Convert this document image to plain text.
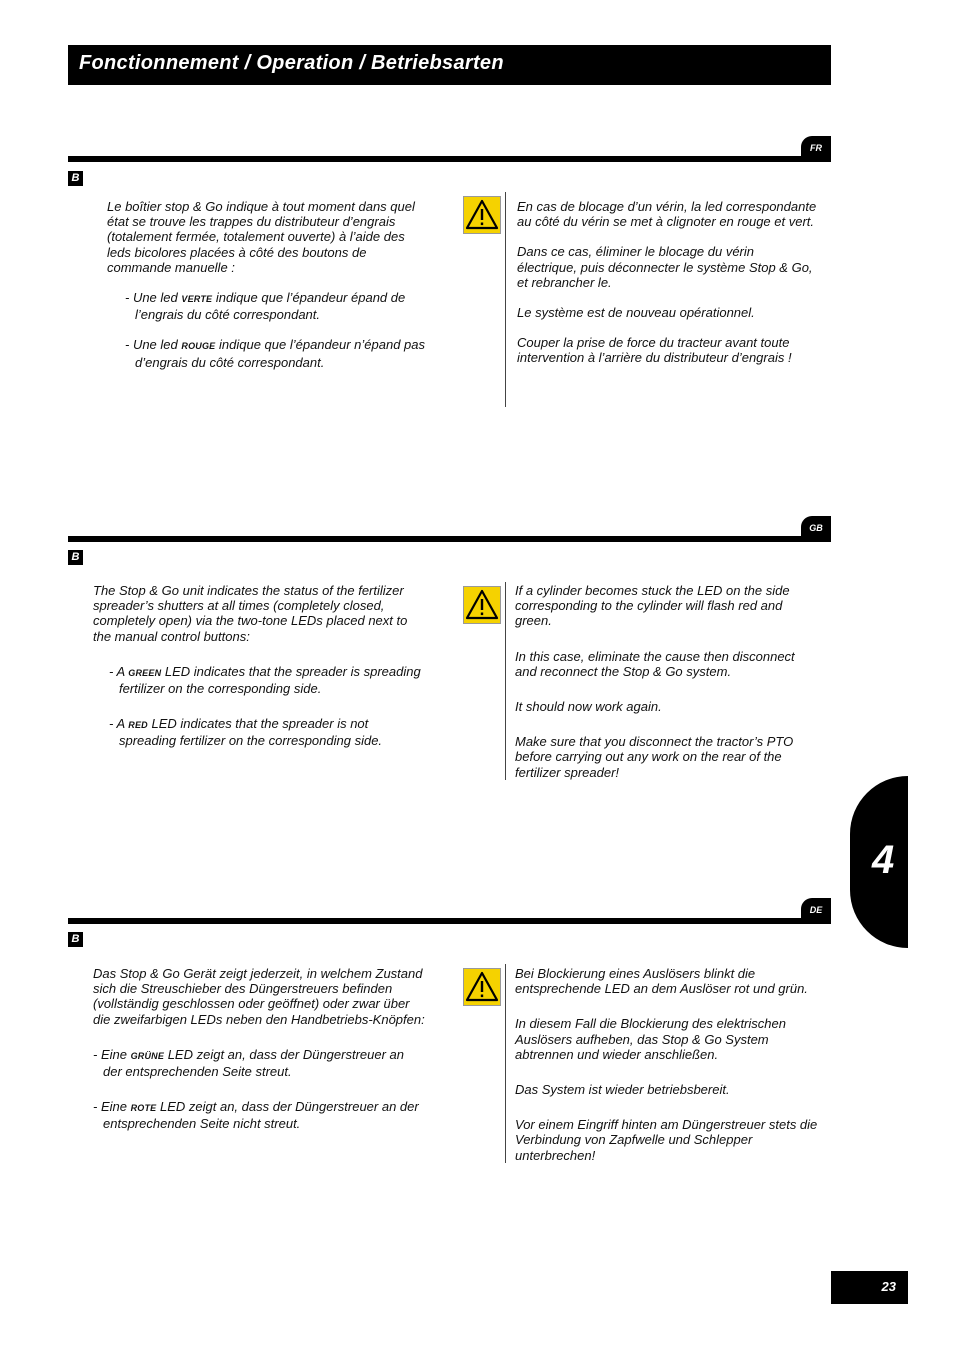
Fonctionnement / Operation / Betriebsarten
FR
B

Le boîtier stop & Go indique à tout moment dans quel état se trouve les trappes du distributeur d’engrais (totalement fermée, totalement ouverte) à l’aide des leds bicolores placées à côté des boutons de commande manuelle :

- Une led VERTE indique que l’épandeur épand de l’engrais du côté correspondant.

- Une led ROUGE indique que l’épandeur n’épand pas d’engrais du côté correspondant.

En cas de blocage d’un vérin, la led correspondante au côté du vérin se met à clignoter en rouge et vert.

Dans ce cas, éliminer le blocage du vérin électrique, puis déconnecter le système Stop & Go, et rebrancher le.

Le système est de nouveau opérationnel.

Couper la prise de force du tracteur avant toute intervention à l’arrière du distributeur d’engrais !

GB
B

The Stop & Go unit indicates the status of the fertilizer spreader’s shutters at all times (completely closed, completely open) via the two-tone LEDs placed next to the manual control buttons:

- A GREEN LED indicates that the spreader is spreading fertilizer on the corresponding side.

- A RED LED indicates that the spreader is not spreading fertilizer on the corresponding side.

If a cylinder becomes stuck the LED on the side corresponding to the cylinder will flash red and green.

In this case, eliminate the cause then disconnect and reconnect the Stop & Go system.

It should now work again.

Make sure that you disconnect the tractor’s PTO before carrying out any work on the rear of the fertilizer spreader!

4
DE
B

Das Stop & Go Gerät zeigt jederzeit, in welchem Zustand sich die Streuschieber des Düngerstreuers befinden (vollständig geschlossen oder geöffnet) oder zwar über die zweifarbigen LEDs neben den Handbetriebs-Knöpfen:

- Eine GRÜNE LED zeigt an, dass der Düngerstreuer an der entsprechenden Seite streut.

- Eine ROTE LED zeigt an, dass der Düngerstreuer an der entsprechenden Seite nicht streut.

Bei Blockierung eines Auslösers blinkt die entsprechende LED an dem Auslöser rot und grün.

In diesem Fall die Blockierung des elektrischen Auslösers aufheben, das Stop & Go System abtrennen und wieder anschließen.

Das System ist wieder betriebsbereit.

Vor einem Eingriff hinten am Düngerstreuer stets die Verbindung von Zapfwelle und Schlepper unterbrechen!

23
